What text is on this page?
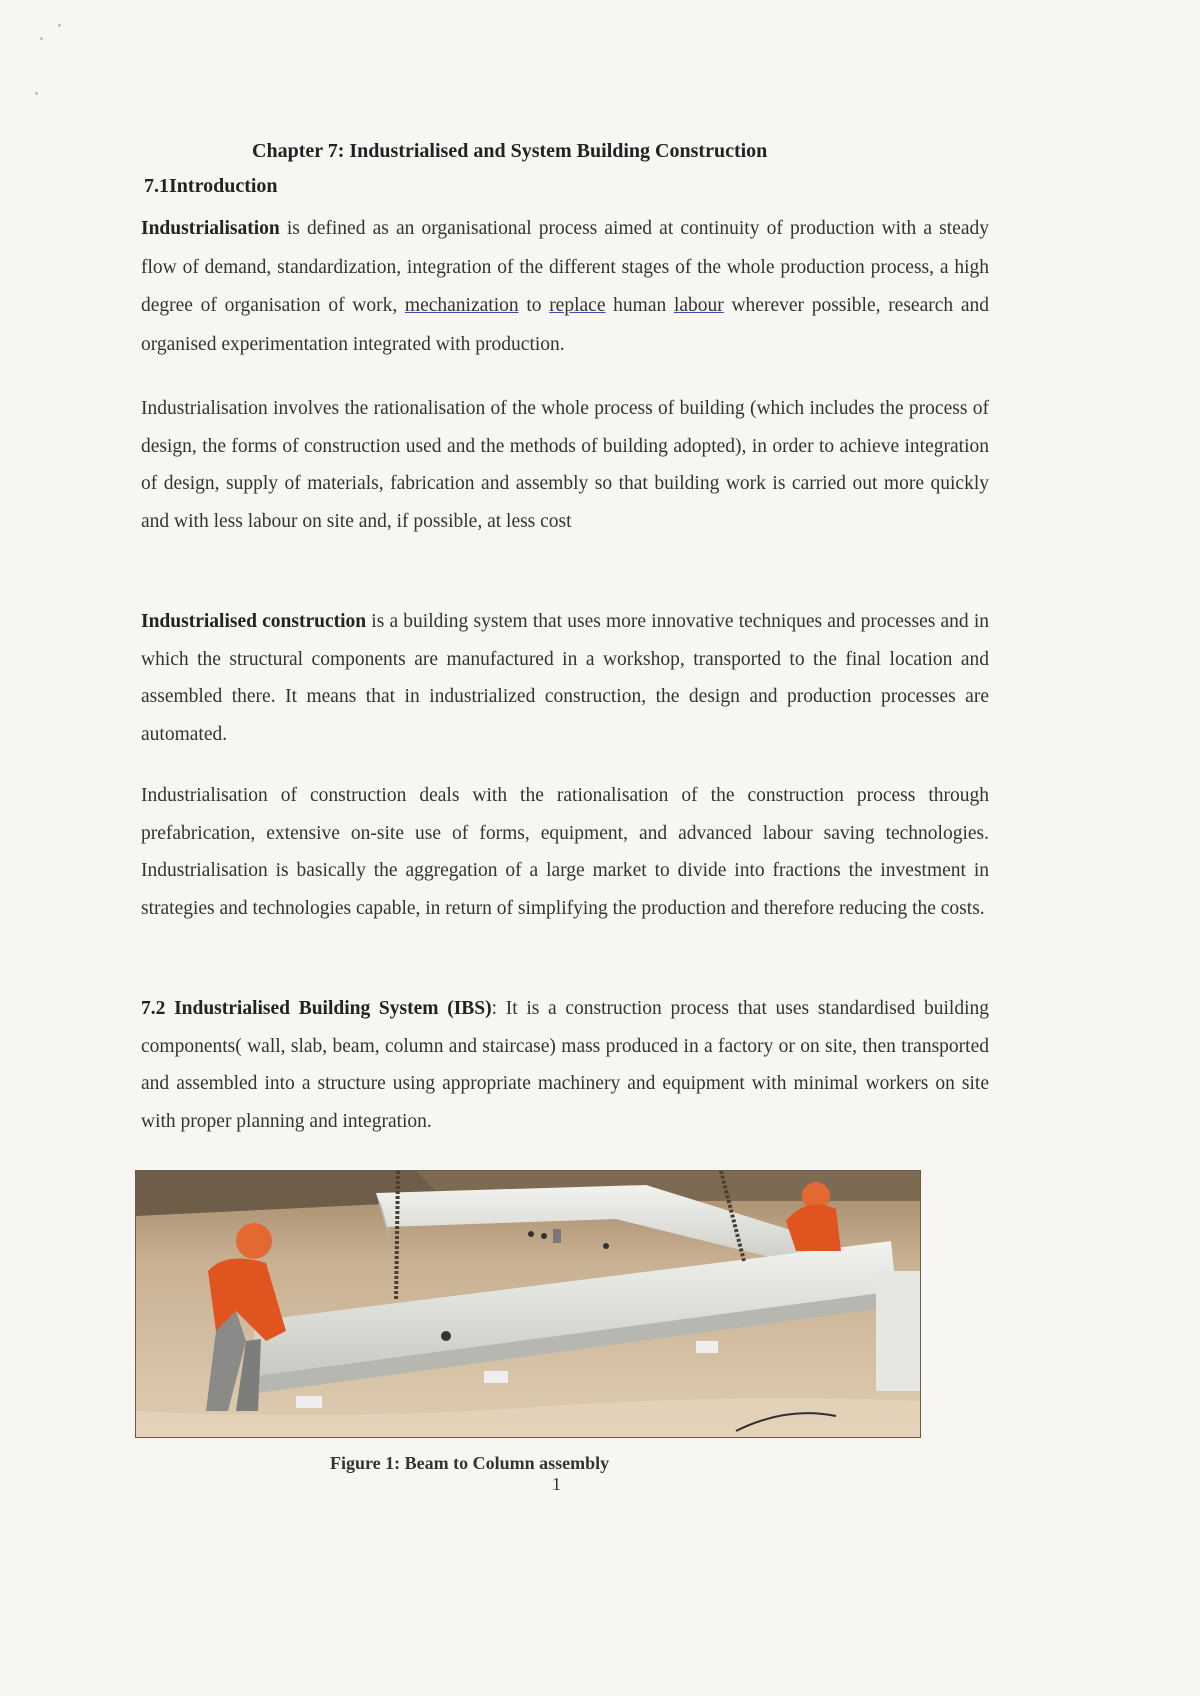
Chapter 7: Industrialised and System Building Construction
7.1Introduction

Industrialisation is defined as an organisational process aimed at continuity of production with a steady flow of demand, standardization, integration of the different stages of the whole production process, a high degree of organisation of work, mechanization to replace human labour wherever possible, research and organised experimentation integrated with production.

Industrialisation involves the rationalisation of the whole process of building (which includes the process of design, the forms of construction used and the methods of building adopted), in order to achieve integration of design, supply of materials, fabrication and assembly so that building work is carried out more quickly and with less labour on site and, if possible, at less cost

Industrialised construction is a building system that uses more innovative techniques and processes and in which the structural components are manufactured in a workshop, transported to the final location and assembled there. It means that in industrialized construction, the design and production processes are automated.

Industrialisation of construction deals with the rationalisation of the construction process through prefabrication, extensive on-site use of forms, equipment, and advanced labour saving technologies. Industrialisation is basically the aggregation of a large market to divide into fractions the investment in strategies and technologies capable, in return of simplifying the production and therefore reducing the costs.

7.2 Industrialised Building System (IBS): It is a construction process that uses standardised building components( wall, slab, beam, column and staircase) mass produced in a factory or on site, then transported and assembled into a structure using appropriate machinery and equipment with minimal workers on site with proper planning and integration.

Figure 1: Beam to Column assembly

1
